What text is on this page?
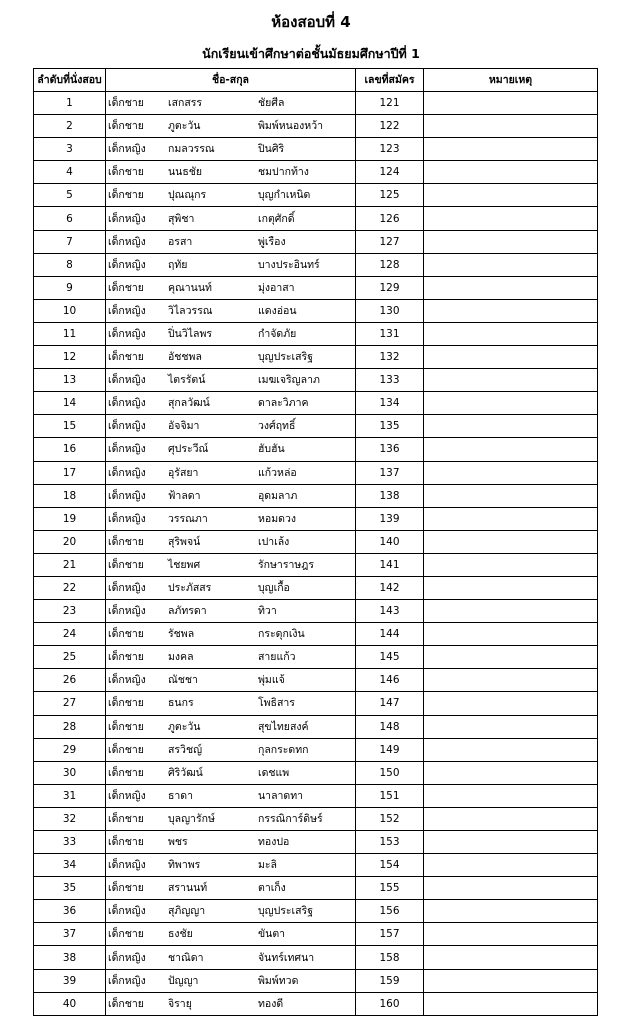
ห้องสอบที่ 4
นักเรียนเข้าศึกษาต่อชั้นมัธยมศึกษาปีที่ 1
ลำดับที่นั่งสอบ	ชื่อ-สกุล	เลขที่สมัคร	หมายเหตุ
1	เด็กชาย เสกสรร ชัยศีล	121	
2	เด็กชาย ภูตะวัน พิมพ์หนองหว้า	122	
3	เด็กหญิง กมลวรรณ ปินศิริ	123	
4	เด็กชาย นนธชัย ชมปากท้าง	124	
5	เด็กชาย ปุณณุกร บุญกำเหนิด	125	
6	เด็กหญิง สุพิชา เกตุศักดิ์	126	
7	เด็กหญิง อรสา พู่เรือง	127	
8	เด็กหญิง ฤทัย บางประอินทร์	128	
9	เด็กชาย คุณานนท์ มุ่งอาสา	129	
10	เด็กหญิง วิไลวรรณ แดงอ่อน	130	
11	เด็กหญิง ปิ่นวิไลพร กำจัดภัย	131	
12	เด็กชาย อัชชพล บุญประเสริฐ	132	
13	เด็กหญิง ไตรรัตน์ เมฆเจริญลาภ	133	
14	เด็กหญิง สุกลวัฒน์ ดาละวิภาค	134	
15	เด็กหญิง อัจจิมา วงศ์ฤทธิ์	135	
16	เด็กหญิง ศุประวีณ์ ฮับฮัน	136	
17	เด็กหญิง อุรัสยา แก้วหล่อ	137	
18	เด็กหญิง ฟ้าลดา อุดมลาภ	138	
19	เด็กหญิง วรรณภา หอมดวง	139	
20	เด็กชาย สุริพจน์ เปาเล้ง	140	
21	เด็กชาย ไชยพศ รักษาราษฎร	141	
22	เด็กหญิง ประภัสสร บุญเกื้อ	142	
23	เด็กหญิง ลภัทรดา ทิวา	143	
24	เด็กชาย รัชพล กระดุกเงิน	144	
25	เด็กชาย มงคล สายแก้ว	145	
26	เด็กหญิง ณัชชา พุ่มแจ้	146	
27	เด็กชาย ธนกร โพธิสาร	147	
28	เด็กชาย ภูตะวัน สุขไทยสงค์	148	
29	เด็กชาย สรวิชญ์ กุลกระดทก	149	
30	เด็กชาย ศิริวัฒน์ เดชแพ	150	
31	เด็กหญิง ธาดา นาลาดทา	151	
32	เด็กชาย บุลญารักษ์ กรรณิการ์ดิษร์	152	
33	เด็กชาย พชร ทองปอ	153	
34	เด็กหญิง ทิพาพร มะลิ	154	
35	เด็กชาย สรานนท์ ตาเก็ง	155	
36	เด็กหญิง สุภิญญา บุญประเสริฐ	156	
37	เด็กชาย ธงชัย ขันตา	157	
38	เด็กหญิง ชาณิดา จันทร์เทศนา	158	
39	เด็กหญิง ปัญญา พิมพ์ทวด	159	
40	เด็กชาย จิรายุ ทองดี	160	
